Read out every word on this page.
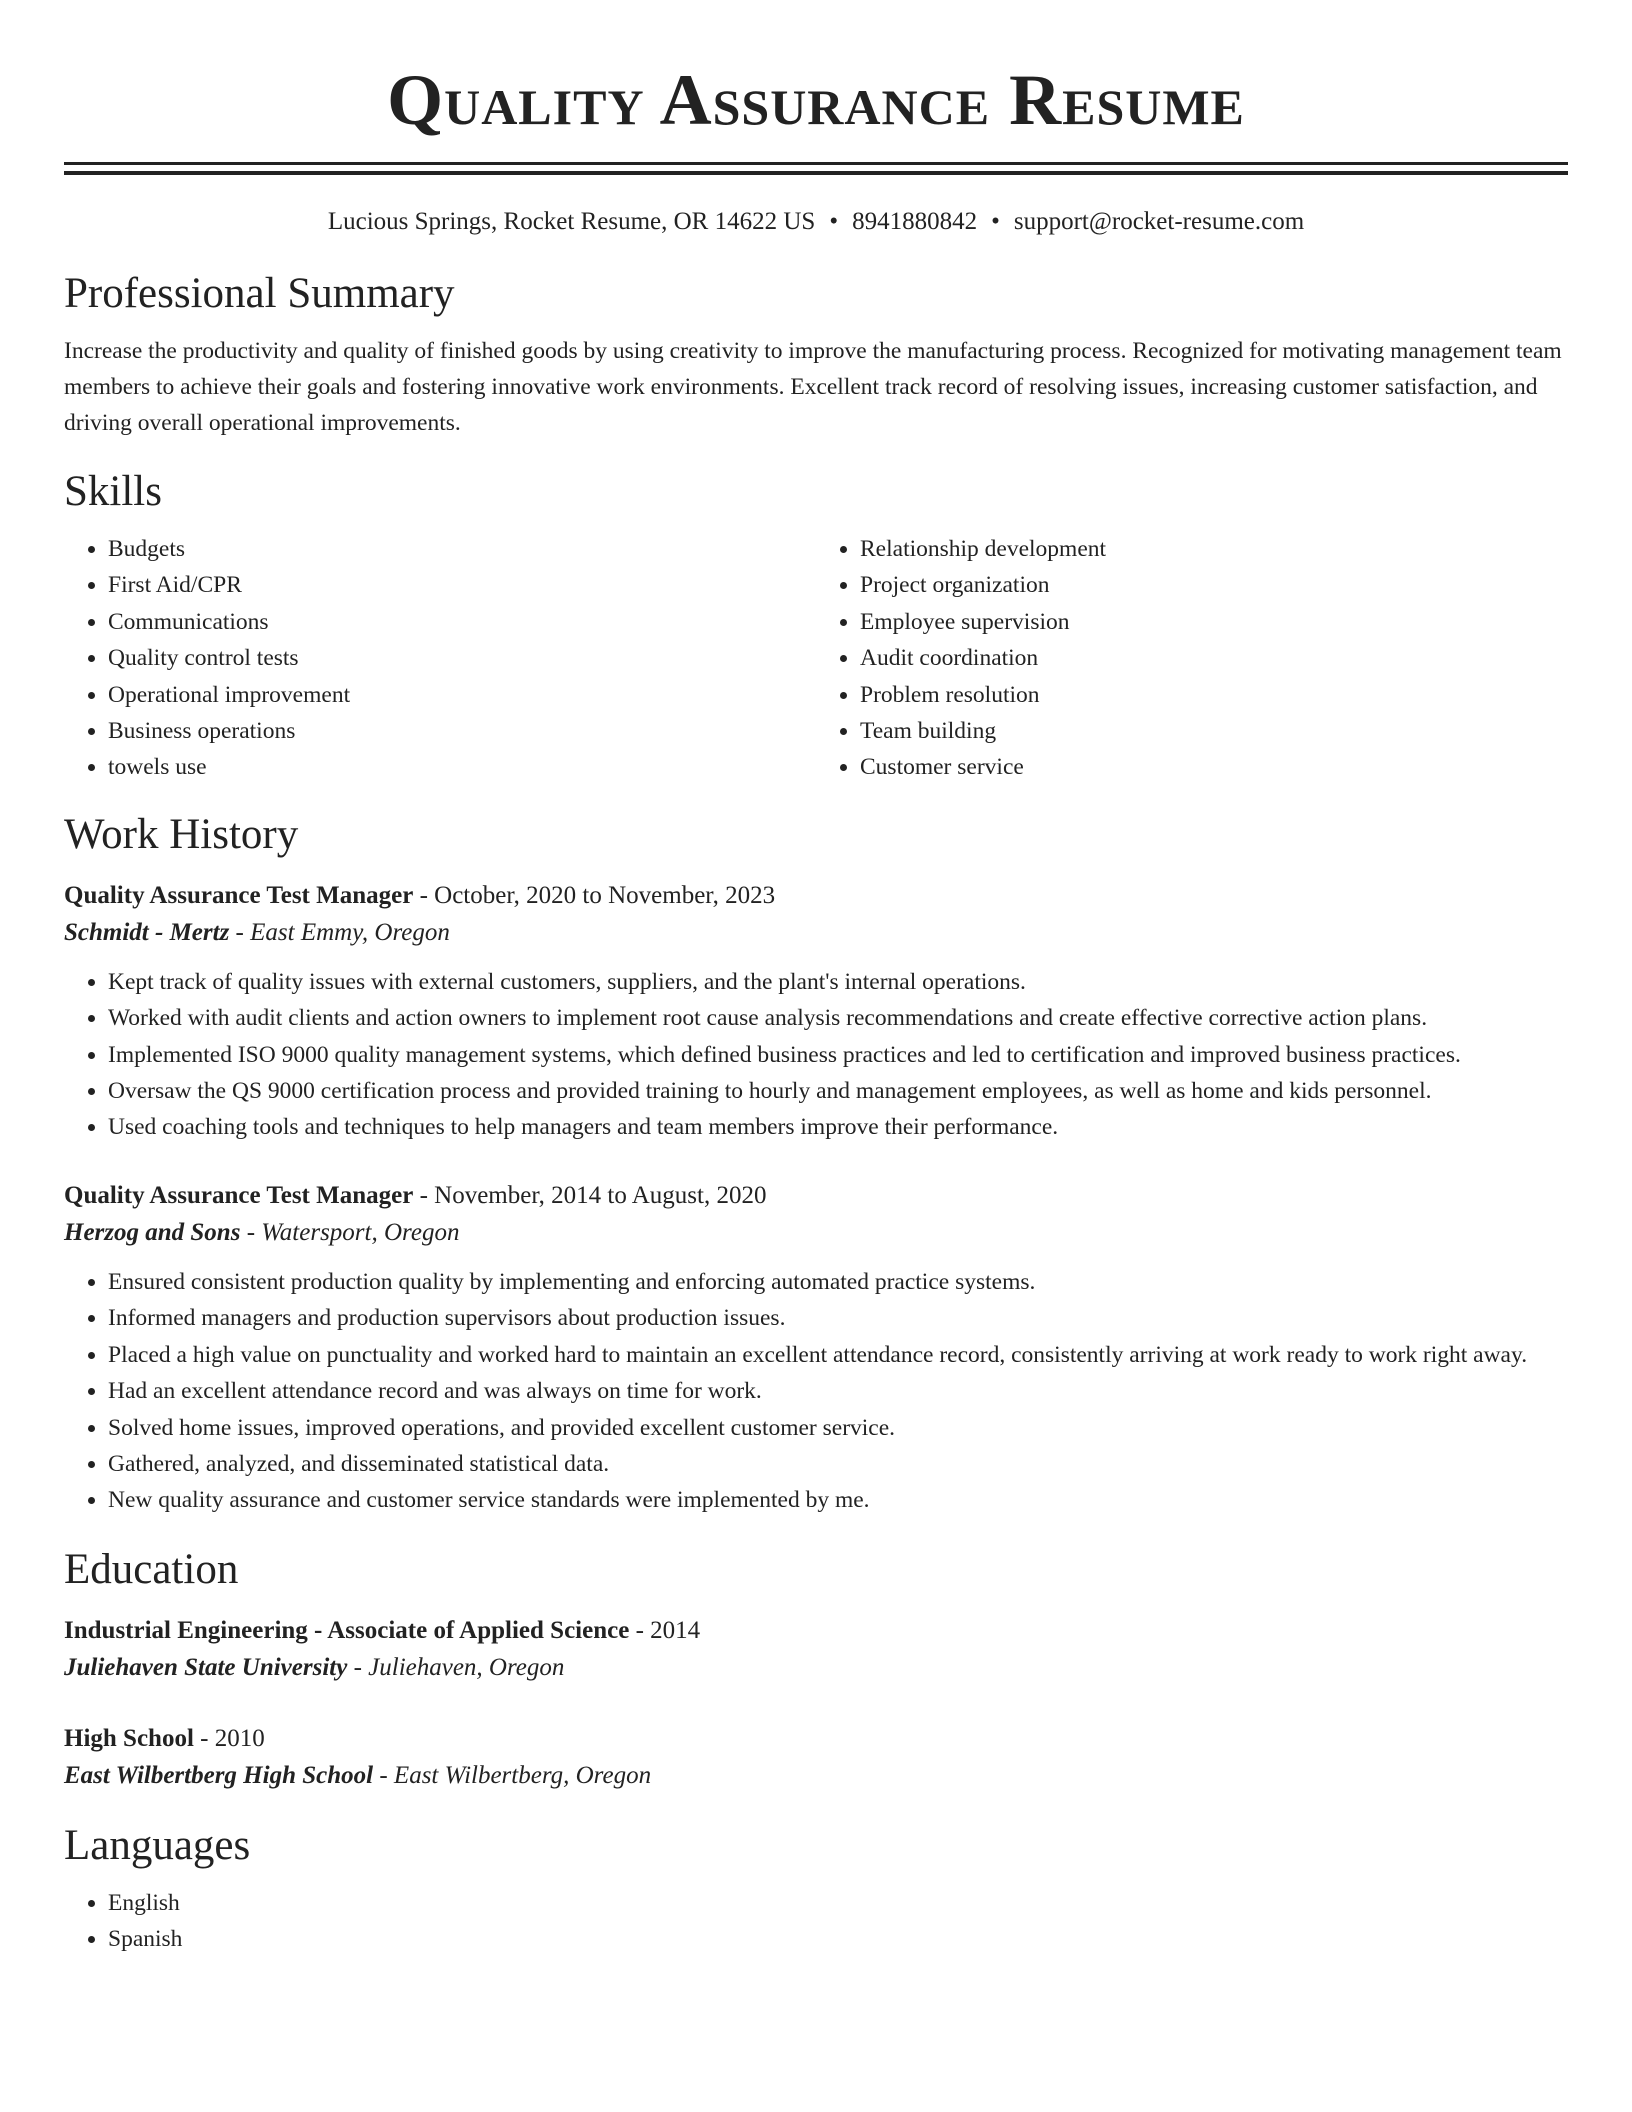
Quality Assurance Resume
Lucious Springs, Rocket Resume, OR 14622 US • 8941880842 • support@rocket-resume.com
Professional Summary

Increase the productivity and quality of finished goods by using creativity to improve the manufacturing process. Recognized for motivating management team members to achieve their goals and fostering innovative work environments. Excellent track record of resolving issues, increasing customer satisfaction, and driving overall operational improvements.

Skills
• Budgets
• First Aid/CPR
• Communications
• Quality control tests
• Operational improvement
• Business operations
• towels use
• Relationship development
• Project organization
• Employee supervision
• Audit coordination
• Problem resolution
• Team building
• Customer service
Work History
Quality Assurance Test Manager - October, 2020 to November, 2023
Schmidt - Mertz - East Emmy, Oregon
• Kept track of quality issues with external customers, suppliers, and the plant's internal operations.
• Worked with audit clients and action owners to implement root cause analysis recommendations and create effective corrective action plans.
• Implemented ISO 9000 quality management systems, which defined business practices and led to certification and improved business practices.
• Oversaw the QS 9000 certification process and provided training to hourly and management employees, as well as home and kids personnel.
• Used coaching tools and techniques to help managers and team members improve their performance.
Quality Assurance Test Manager - November, 2014 to August, 2020
Herzog and Sons - Watersport, Oregon
• Ensured consistent production quality by implementing and enforcing automated practice systems.
• Informed managers and production supervisors about production issues.
• Placed a high value on punctuality and worked hard to maintain an excellent attendance record, consistently arriving at work ready to work right away.
• Had an excellent attendance record and was always on time for work.
• Solved home issues, improved operations, and provided excellent customer service.
• Gathered, analyzed, and disseminated statistical data.
• New quality assurance and customer service standards were implemented by me.
Education
Industrial Engineering - Associate of Applied Science - 2014
Juliehaven State University - Juliehaven, Oregon
High School - 2010
East Wilbertberg High School - East Wilbertberg, Oregon
Languages
• English
• Spanish
